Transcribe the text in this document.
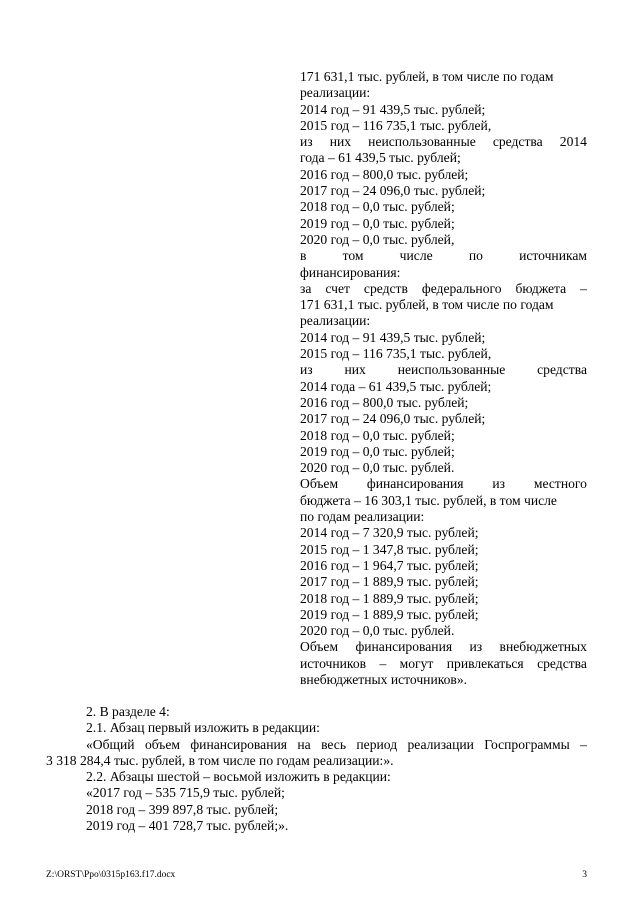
171 631,1 тыс. рублей, в том числе по годам
реализации:
2014 год – 91 439,5 тыс. рублей;
2015 год – 116 735,1 тыс. рублей,
из них неиспользованные средства 2014
года – 61 439,5 тыс. рублей;
2016 год – 800,0 тыс. рублей;
2017 год – 24 096,0 тыс. рублей;
2018 год – 0,0 тыс. рублей;
2019 год – 0,0 тыс. рублей;
2020 год – 0,0 тыс. рублей,
в	том	числе	по	источникам
финансирования:
за счет средств федерального бюджета –
171 631,1 тыс. рублей, в том числе по годам
реализации:
2014 год – 91 439,5 тыс. рублей;
2015 год – 116 735,1 тыс. рублей,
из них неиспользованные средства
2014 года – 61 439,5 тыс. рублей;
2016 год – 800,0 тыс. рублей;
2017 год – 24 096,0 тыс. рублей;
2018 год – 0,0 тыс. рублей;
2019 год – 0,0 тыс. рублей;
2020 год – 0,0 тыс. рублей.
Объем финансирования из местного
бюджета – 16 303,1 тыс. рублей, в том числе
по годам реализации:
2014 год – 7 320,9 тыс. рублей;
2015 год – 1 347,8 тыс. рублей;
2016 год – 1 964,7 тыс. рублей;
2017 год – 1 889,9 тыс. рублей;
2018 год – 1 889,9 тыс. рублей;
2019 год – 1 889,9 тыс. рублей;
2020 год – 0,0 тыс. рублей.
Объем финансирования из внебюджетных
источников – могут привлекаться средства
внебюджетных источников».
2. В разделе 4:
2.1. Абзац первый изложить в редакции:
«Общий объем финансирования на весь период реализации Госпрограммы –
3 318 284,4 тыс. рублей, в том числе по годам реализации:».
2.2. Абзацы шестой – восьмой изложить в редакции:
«2017 год – 535 715,9 тыс. рублей;
2018 год – 399 897,8 тыс. рублей;
2019 год – 401 728,7 тыс. рублей;».
Z:\ORST\Ppo\0315p163.f17.docx	3
